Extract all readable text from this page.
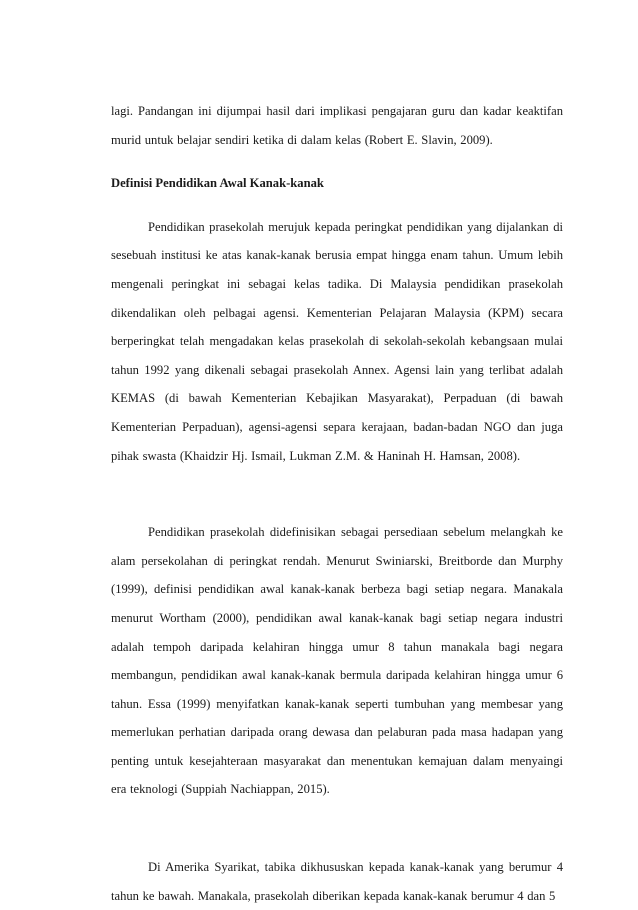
lagi. Pandangan ini dijumpai hasil dari implikasi pengajaran guru dan kadar keaktifan murid untuk belajar sendiri ketika di dalam kelas (Robert E. Slavin, 2009).

Definisi Pendidikan Awal Kanak-kanak

Pendidikan prasekolah merujuk kepada peringkat pendidikan yang dijalankan di sesebuah institusi ke atas kanak-kanak berusia empat hingga enam tahun. Umum lebih mengenali peringkat ini sebagai kelas tadika. Di Malaysia pendidikan prasekolah dikendalikan oleh pelbagai agensi. Kementerian Pelajaran Malaysia (KPM) secara berperingkat telah mengadakan kelas prasekolah di sekolah-sekolah kebangsaan mulai tahun 1992 yang dikenali sebagai prasekolah Annex. Agensi lain yang terlibat adalah KEMAS (di bawah Kementerian Kebajikan Masyarakat), Perpaduan (di bawah Kementerian Perpaduan), agensi-agensi separa kerajaan, badan-badan NGO dan juga pihak swasta (Khaidzir Hj. Ismail, Lukman Z.M. & Haninah H. Hamsan, 2008).

Pendidikan prasekolah didefinisikan sebagai persediaan sebelum melangkah ke alam persekolahan di peringkat rendah. Menurut Swiniarski, Breitborde dan Murphy (1999), definisi pendidikan awal kanak-kanak berbeza bagi setiap negara. Manakala menurut Wortham (2000), pendidikan awal kanak-kanak bagi setiap negara industri adalah tempoh daripada kelahiran hingga umur 8 tahun manakala bagi negara membangun, pendidikan awal kanak-kanak bermula daripada kelahiran hingga umur 6 tahun. Essa (1999) menyifatkan kanak-kanak seperti tumbuhan yang membesar yang memerlukan perhatian daripada orang dewasa dan pelaburan pada masa hadapan yang penting untuk kesejahteraan masyarakat dan menentukan kemajuan dalam menyaingi era teknologi (Suppiah Nachiappan, 2015).

Di Amerika Syarikat, tabika dikhususkan kepada kanak-kanak yang berumur 4 tahun ke bawah. Manakala, prasekolah diberikan kepada kanak-kanak berumur 4 dan 5
